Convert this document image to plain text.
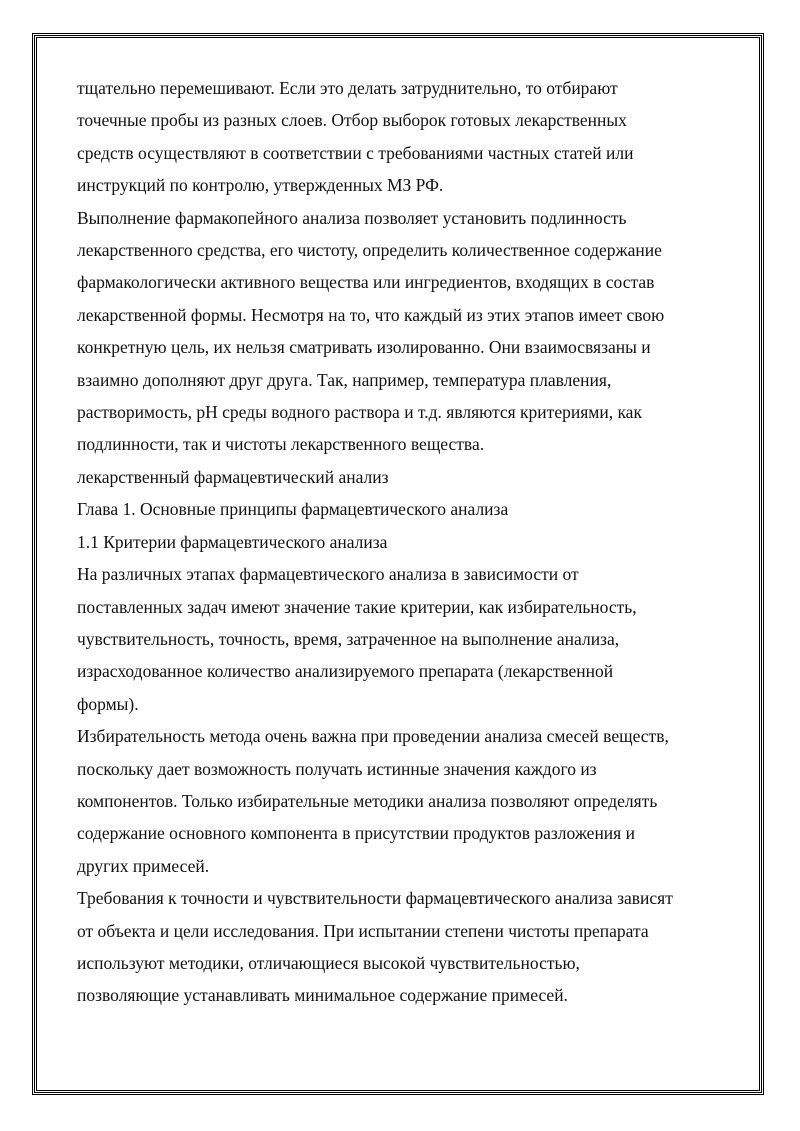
тщательно перемешивают. Если это делать затруднительно, то отбирают
точечные пробы из разных слоев. Отбор выборок готовых лекарственных
средств осуществляют в соответствии с требованиями частных статей или
инструкций по контролю, утвержденных МЗ РФ.
Выполнение фармакопейного анализа позволяет установить подлинность
лекарственного средства, его чистоту, определить количественное содержание
фармакологически активного вещества или ингредиентов, входящих в состав
лекарственной формы. Несмотря на то, что каждый из этих этапов имеет свою
конкретную цель, их нельзя сматривать изолированно. Они взаимосвязаны и
взаимно дополняют друг друга. Так, например, температура плавления,
растворимость, pH среды водного раствора и т.д. являются критериями, как
подлинности, так и чистоты лекарственного вещества.
лекарственный фармацевтический анализ
Глава 1. Основные принципы фармацевтического анализа
1.1 Критерии фармацевтического анализа
На различных этапах фармацевтического анализа в зависимости от
поставленных задач имеют значение такие критерии, как избирательность,
чувствительность, точность, время, затраченное на выполнение анализа,
израсходованное количество анализируемого препарата (лекарственной
формы).
Избирательность метода очень важна при проведении анализа смесей веществ,
поскольку дает возможность получать истинные значения каждого из
компонентов. Только избирательные методики анализа позволяют определять
содержание основного компонента в присутствии продуктов разложения и
других примесей.
Требования к точности и чувствительности фармацевтического анализа зависят
от объекта и цели исследования. При испытании степени чистоты препарата
используют методики, отличающиеся высокой чувствительностью,
позволяющие устанавливать минимальное содержание примесей.
